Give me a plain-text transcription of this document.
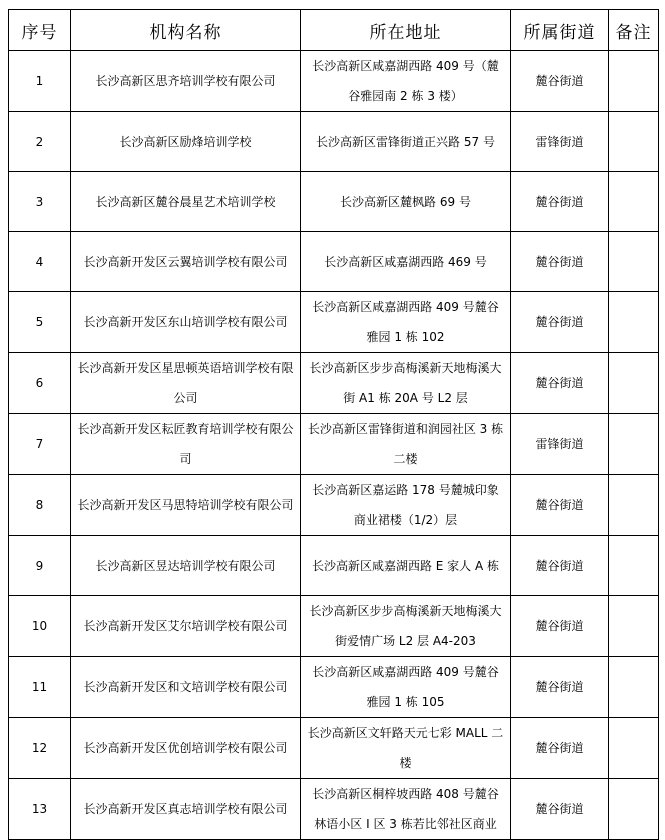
序号	机构名称	所在地址	所属街道	备注
1	长沙高新区思齐培训学校有限公司	长沙高新区咸嘉湖西路 409 号（麓谷雅园南 2 栋 3 楼）	麓谷街道	
2	长沙高新区励烽培训学校	长沙高新区雷锋街道正兴路 57 号	雷锋街道	
3	长沙高新区麓谷晨星艺术培训学校	长沙高新区麓枫路 69 号	麓谷街道	
4	长沙高新开发区云翼培训学校有限公司	长沙高新区咸嘉湖西路 469 号	麓谷街道	
5	长沙高新开发区东山培训学校有限公司	长沙高新区咸嘉湖西路 409 号麓谷雅园 1 栋 102	麓谷街道	
6	长沙高新开发区星思顿英语培训学校有限公司	长沙高新区步步高梅溪新天地梅溪大街 A1 栋 20A 号 L2 层	麓谷街道	
7	长沙高新开发区耘匠教育培训学校有限公司	长沙高新区雷锋街道和润园社区 3 栋二楼	雷锋街道	
8	长沙高新开发区马思特培训学校有限公司	长沙高新区嘉运路 178 号麓城印象商业裙楼（1/2）层	麓谷街道	
9	长沙高新区昱达培训学校有限公司	长沙高新区咸嘉湖西路 E 家人 A 栋	麓谷街道	
10	长沙高新开发区艾尔培训学校有限公司	长沙高新区步步高梅溪新天地梅溪大街爱情广场 L2 层 A4-203	麓谷街道	
11	长沙高新开发区和文培训学校有限公司	长沙高新区咸嘉湖西路 409 号麓谷雅园 1 栋 105	麓谷街道	
12	长沙高新开发区优创培训学校有限公司	长沙高新区文轩路天元七彩 MALL 二楼	麓谷街道	
13	长沙高新开发区真志培训学校有限公司	长沙高新区桐梓坡西路 408 号麓谷林语小区 I 区 3 栋若比邻社区商业	麓谷街道	
